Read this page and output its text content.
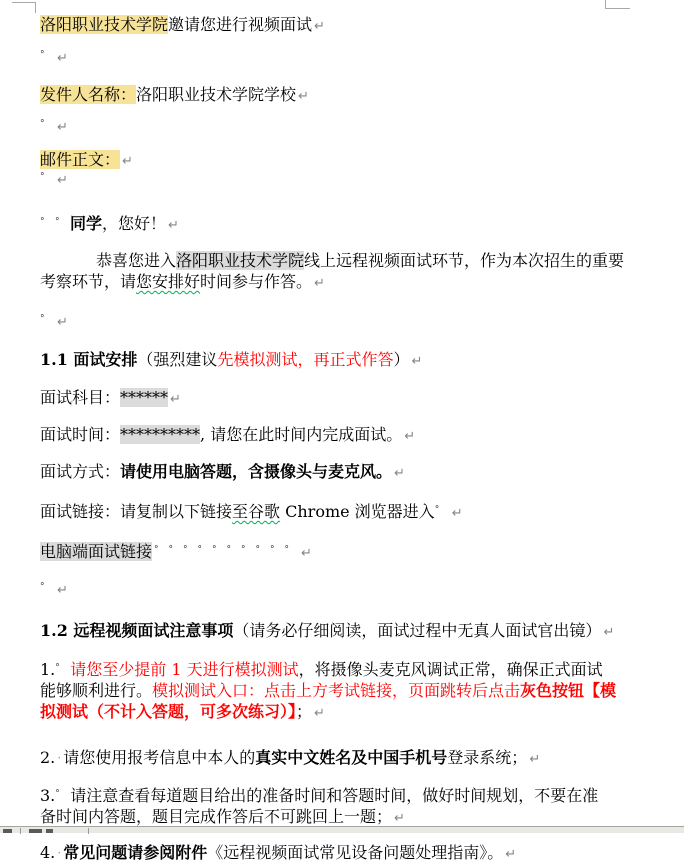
洛阳职业技术学院邀请您进行视频面试 ↵
° ↵
发件人名称：洛阳职业技术学院学校 ↵
° ↵
邮件正文： ↵
° ↵
° ° 同学，您好！ ↵
恭喜您进入洛阳职业技术学院线上远程视频面试环节，作为本次招生的重要
考察环节，请您安排好时间参与作答。 ↵
° ↵
1.1 面试安排（强烈建议先模拟测试，再正式作答） ↵
面试科目：****** ↵
面试时间：**********, 请您在此时间内完成面试。 ↵
面试方式：请使用电脑答题，含摄像头与麦克风。 ↵
面试链接：请复制以下链接至谷歌 Chrome 浏览器进入° ↵
电脑端面试链接 °°°°°°°°°° ↵
° ↵
1.2 远程视频面试注意事项（请务必仔细阅读，面试过程中无真人面试官出镜） ↵
1.° 请您至少提前 1 天进行模拟测试，将摄像头麦克风调试正常，确保正式面试
能够顺利进行。模拟测试入口：点击上方考试链接，页面跳转后点击灰色按钮【模
拟测试（不计入答题，可多次练习）】； ↵
2. · 请您使用报考信息中本人的真实中文姓名及中国手机号登录系统； ↵
3.° 请注意查看每道题目给出的准备时间和答题时间，做好时间规划，不要在准
备时间内答题，题目完成作答后不可跳回上一题； ↵
4. · 常见问题请参阅附件《远程视频面试常见设备问题处理指南》。 ↵
